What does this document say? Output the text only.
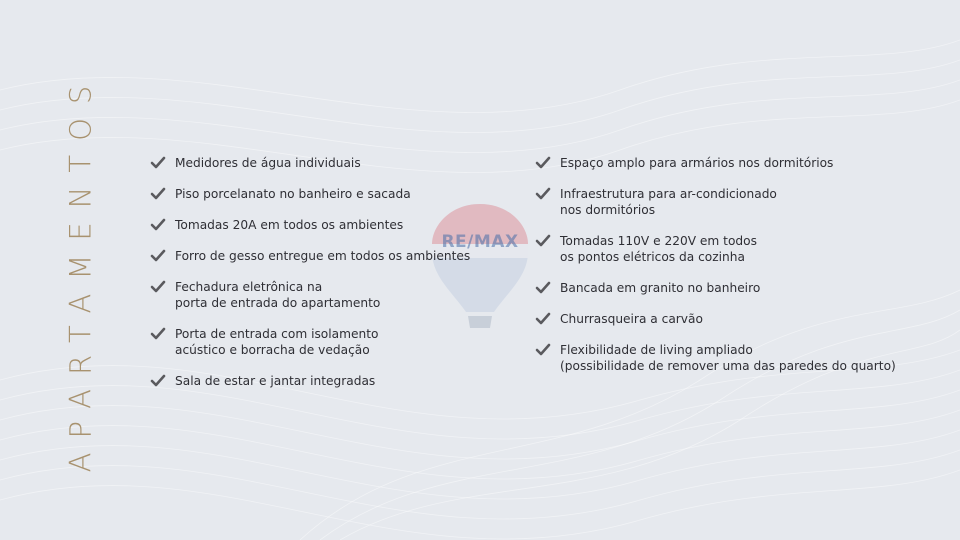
APARTAMENTOS	RE/MAX
Medidores de água individuais
Piso porcelanato no banheiro e sacada
Tomadas 20A em todos os ambientes
Forro de gesso entregue em todos os ambientes
Fechadura eletrônica na
porta de entrada do apartamento
Porta de entrada com isolamento
acústico e borracha de vedação
Sala de estar e jantar integradas
Espaço amplo para armários nos dormitórios
Infraestrutura para ar-condicionado
nos dormitórios
Tomadas 110V e 220V em todos
os pontos elétricos da cozinha
Bancada em granito no banheiro
Churrasqueira a carvão
Flexibilidade de living ampliado
(possibilidade de remover uma das paredes do quarto)
